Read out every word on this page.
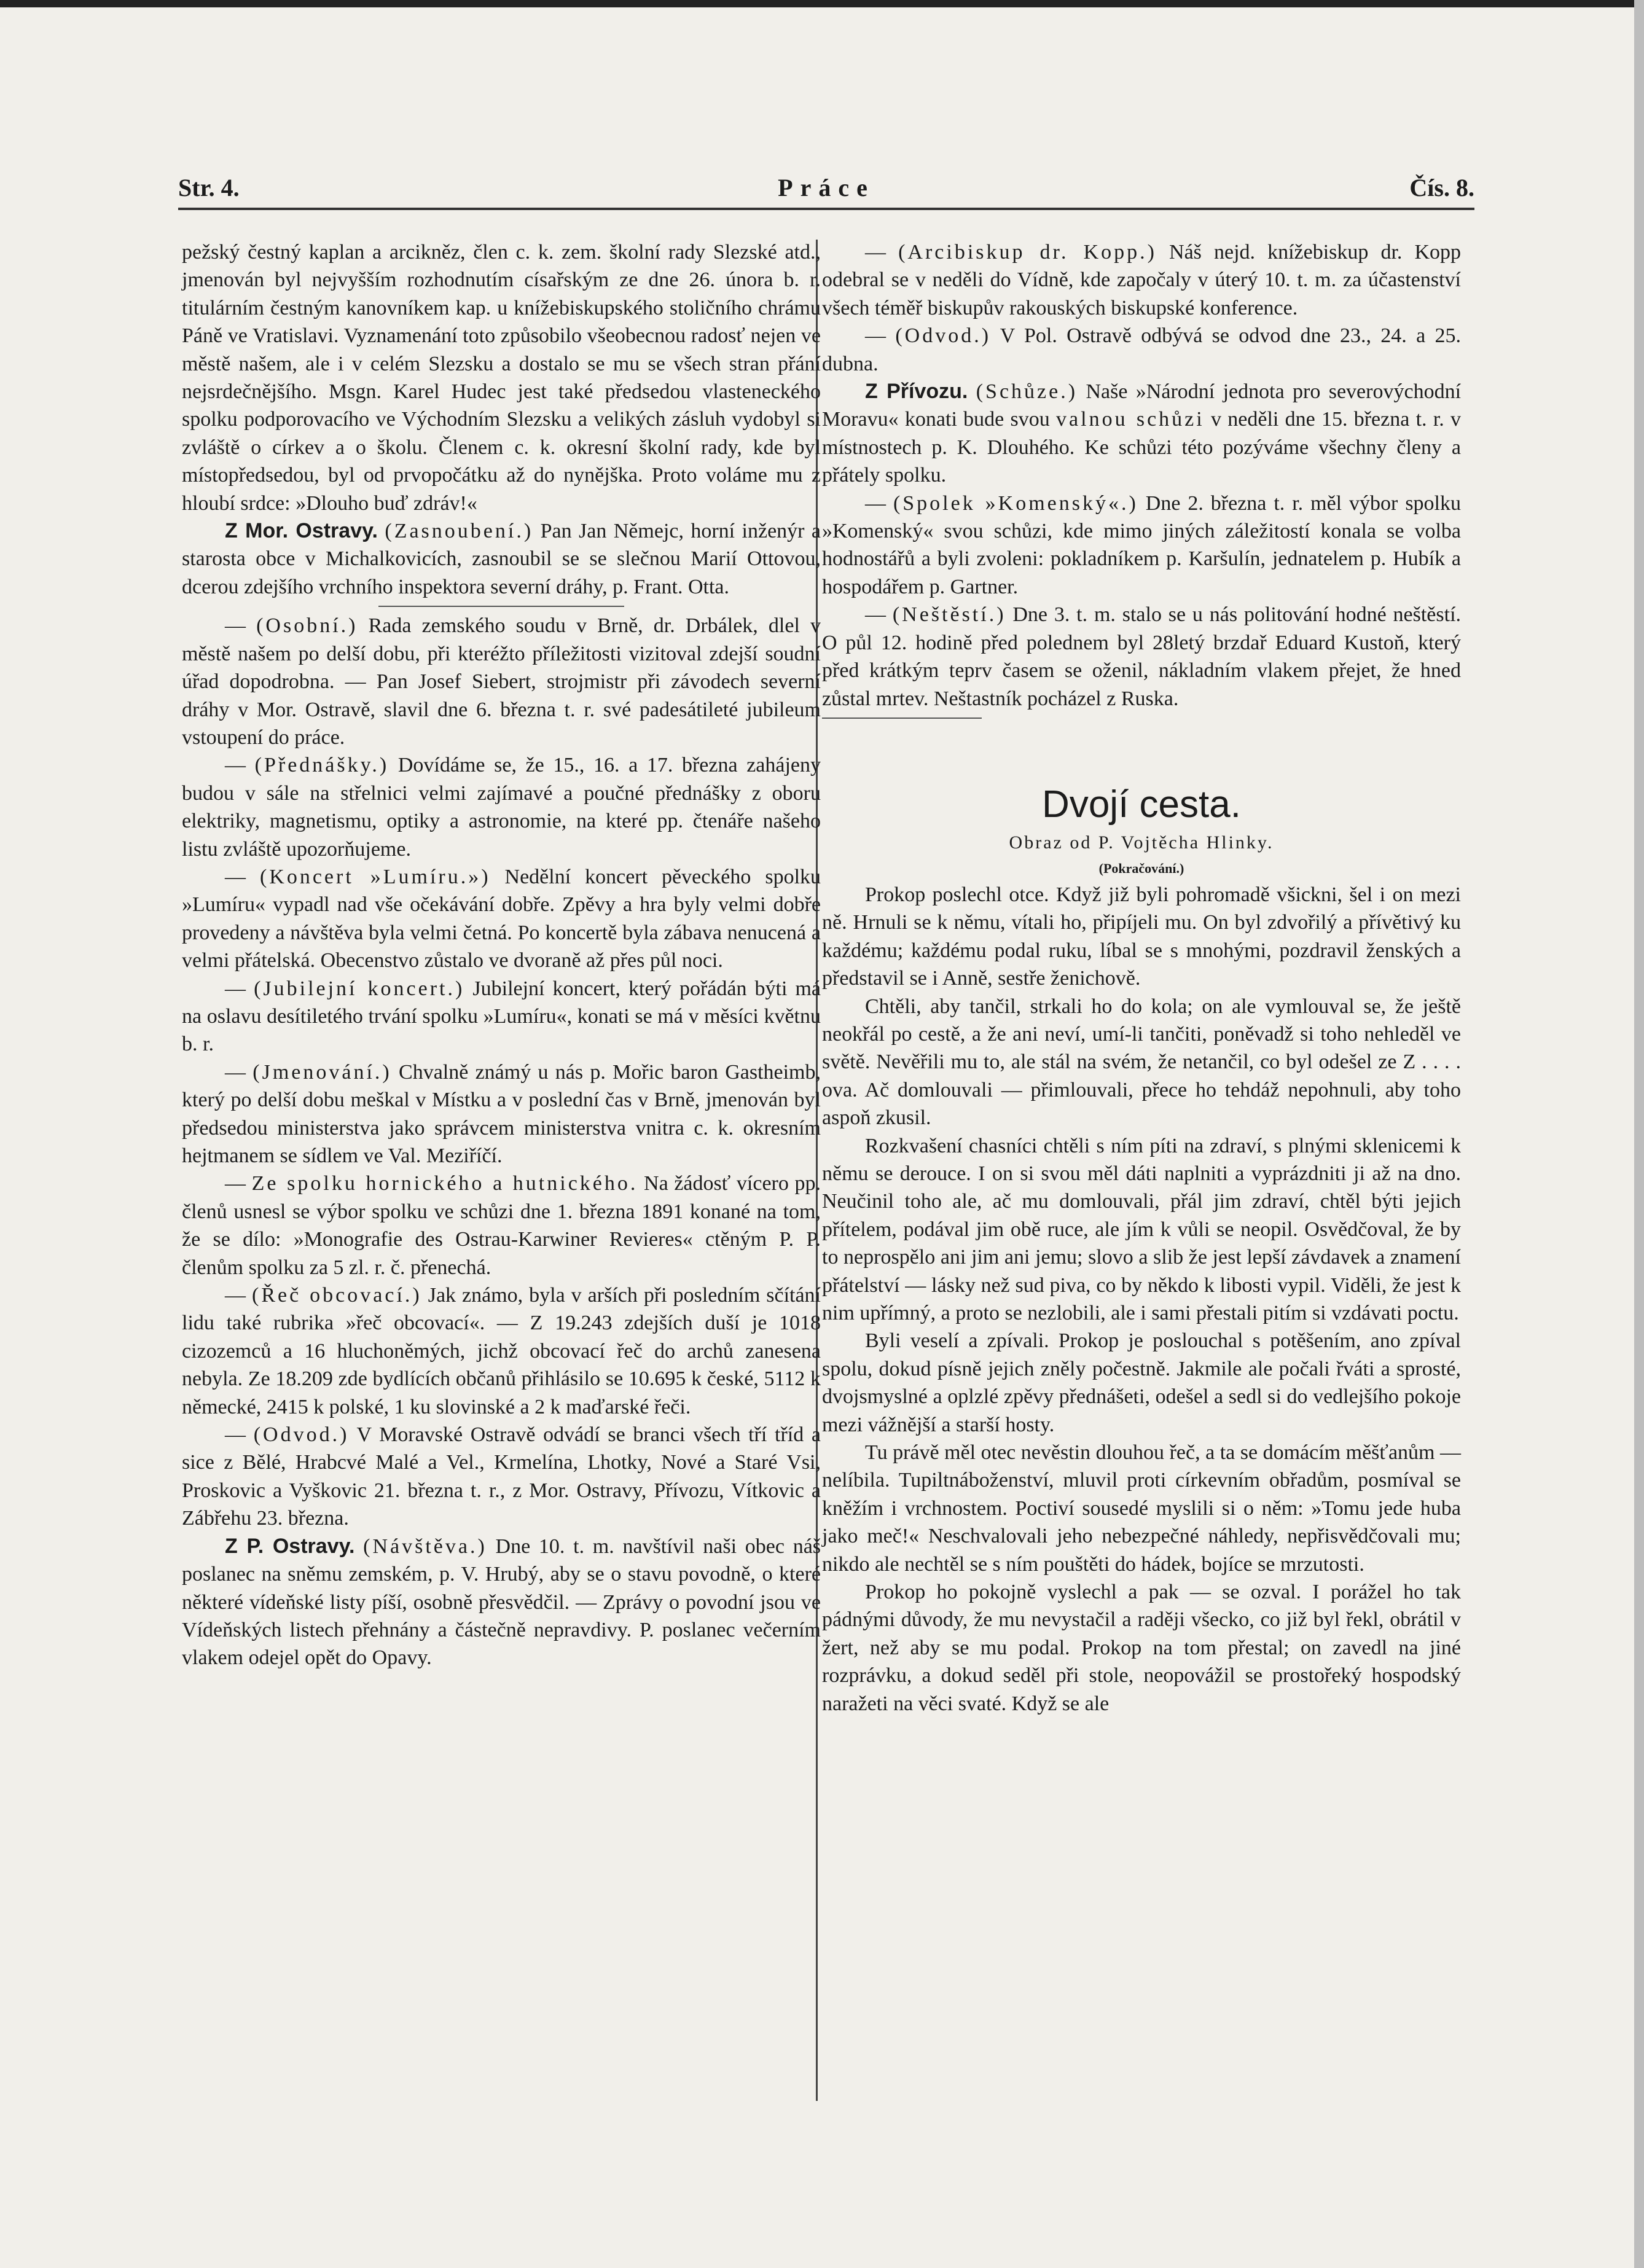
Str. 4.	Práce	Čís. 8.

pežský čestný kaplan a arcikněz, člen c. k. zem. školní rady Slezské atd., jmenován byl nejvyšším rozhodnutím císařským ze dne 26. února b. r. titulárním čestným kanovníkem kap. u knížebiskupského stoličního chrámu Páně ve Vratislavi. Vyznamenání toto způsobilo všeobecnou radosť nejen ve městě našem, ale i v celém Slezsku a dostalo se mu se všech stran přání nejsrdečnějšího. Msgn. Karel Hudec jest také předsedou vlasteneckého spolku podporovacího ve Východním Slezsku a velikých zásluh vydobyl si zvláště o církev a o školu. Členem c. k. okresní školní rady, kde byl místopředsedou, byl od prvopočátku až do nynějška. Proto voláme mu z hloubí srdce: »Dlouho buď zdráv!«

Z Mor. Ostravy. (Zasnoubení.) Pan Jan Němejc, horní inženýr a starosta obce v Michalkovicích, zasnoubil se se slečnou Marií Ottovou, dcerou zdejšího vrchního inspektora severní dráhy, p. Frant. Otta.

— (Osobní.) Rada zemského soudu v Brně, dr. Drbálek, dlel v městě našem po delší dobu, při kteréžto příležitosti vizitoval zdejší soudní úřad dopodrobna. — Pan Josef Siebert, strojmistr při závodech severní dráhy v Mor. Ostravě, slavil dne 6. března t. r. své padesátileté jubileum vstoupení do práce.

— (Přednášky.) Dovídáme se, že 15., 16. a 17. března zahájeny budou v sále na střelnici velmi zajímavé a poučné přednášky z oboru elektriky, magnetismu, optiky a astronomie, na které pp. čtenáře našeho listu zvláště upozorňujeme.

— (Koncert »Lumíru.») Nedělní koncert pěveckého spolku »Lumíru« vypadl nad vše očekávání dobře. Zpěvy a hra byly velmi dobře provedeny a návštěva byla velmi četná. Po koncertě byla zábava nenucená a velmi přátelská. Obecenstvo zůstalo ve dvoraně až přes půl noci.

— (Jubilejní koncert.) Jubilejní koncert, který pořádán býti má na oslavu desítiletého trvání spolku »Lumíru«, konati se má v měsíci květnu b. r.

— (Jmenování.) Chvalně známý u nás p. Mořic baron Gastheimb, který po delší dobu meškal v Místku a v poslední čas v Brně, jmenován byl předsedou ministerstva jako správcem ministerstva vnitra c. k. okresním hejtmanem se sídlem ve Val. Meziříčí.

— Ze spolku hornického a hutnického. Na žádosť vícero pp. členů usnesl se výbor spolku ve schůzi dne 1. března 1891 konané na tom, že se dílo: »Monografie des Ostrau-Karwiner Revieres« ctěným P. P. členům spolku za 5 zl. r. č. přenechá.

— (Řeč obcovací.) Jak známo, byla v arších při posledním sčítání lidu také rubrika »řeč obcovací«. — Z 19.243 zdejších duší je 1018 cizozemců a 16 hluchoněmých, jichž obcovací řeč do archů zanesena nebyla. Ze 18.209 zde bydlících občanů přihlásilo se 10.695 k české, 5112 k německé, 2415 k polské, 1 ku slovinské a 2 k maďarské řeči.

— (Odvod.) V Moravské Ostravě odvádí se branci všech tří tříd a sice z Bělé, Hrabcvé Malé a Vel., Krmelína, Lhotky, Nové a Staré Vsi, Proskovic a Vyškovic 21. března t. r., z Mor. Ostravy, Přívozu, Vítkovic a Zábřehu 23. března.

Z P. Ostravy. (Návštěva.) Dne 10. t. m. navštívil naši obec náš poslanec na sněmu zemském, p. V. Hrubý, aby se o stavu povodně, o které některé vídeňské listy píší, osobně přesvědčil. — Zprávy o povodní jsou ve Vídeňských listech přehnány a částečně nepravdivy. P. poslanec večerním vlakem odejel opět do Opavy.

— (Arcibiskup dr. Kopp.) Náš nejd. knížebiskup dr. Kopp odebral se v neděli do Vídně, kde započaly v úterý 10. t. m. za účastenství všech téměř biskupův rakouských biskupské konference.

— (Odvod.) V Pol. Ostravě odbývá se odvod dne 23., 24. a 25. dubna.

Z Přívozu. (Schůze.) Naše »Národní jednota pro severovýchodní Moravu« konati bude svou valnou schůzi v neděli dne 15. března t. r. v místnostech p. K. Dlouhého. Ke schůzi této pozýváme všechny členy a přátely spolku.

— (Spolek »Komenský«.) Dne 2. března t. r. měl výbor spolku »Komenský« svou schůzi, kde mimo jiných záležitostí konala se volba hodnostářů a byli zvoleni: pokladníkem p. Karšulín, jednatelem p. Hubík a hospodářem p. Gartner.

— (Neštěstí.) Dne 3. t. m. stalo se u nás politování hodné neštěstí. O půl 12. hodině před polednem byl 28letý brzdař Eduard Kustoň, který před krátkým teprv časem se oženil, nákladním vlakem přejet, že hned zůstal mrtev. Neštastník pocházel z Ruska.

Dvojí cesta.
Obraz od P. Vojtěcha Hlinky.
(Pokračování.)

Prokop poslechl otce. Když již byli pohromadě všickni, šel i on mezi ně. Hrnuli se k němu, vítali ho, připíjeli mu. On byl zdvořilý a přívětivý ku každému; každému podal ruku, líbal se s mnohými, pozdravil ženských a představil se i Anně, sestře ženichově.

Chtěli, aby tančil, strkali ho do kola; on ale vymlouval se, že ještě neokřál po cestě, a že ani neví, umí-li tančiti, poněvadž si toho nehleděl ve světě. Nevěřili mu to, ale stál na svém, že netančil, co byl odešel ze Z . . . . ova. Ač domlouvali — přimlouvali, přece ho tehdáž nepohnuli, aby toho aspoň zkusil.

Rozkvašení chasníci chtěli s ním píti na zdraví, s plnými sklenicemi k němu se derouce. I on si svou měl dáti naplniti a vyprázdniti ji až na dno. Neučinil toho ale, ač mu domlouvali, přál jim zdraví, chtěl býti jejich přítelem, podával jim obě ruce, ale jím k vůli se neopil. Osvědčoval, že by to neprospělo ani jim ani jemu; slovo a slib že jest lepší závdavek a znamení přátelství — lásky než sud piva, co by někdo k libosti vypil. Viděli, že jest k nim upřímný, a proto se nezlobili, ale i sami přestali pitím si vzdávati poctu.

Byli veselí a zpívali. Prokop je poslouchal s potěšením, ano zpíval spolu, dokud písně jejich zněly počestně. Jakmile ale počali řváti a sprosté, dvojsmyslné a oplzlé zpěvy přednášeti, odešel a sedl si do vedlejšího pokoje mezi vážnější a starší hosty.

Tu právě měl otec nevěstin dlouhou řeč, a ta se domácím měšťanům — nelíbila. Tupiltnáboženství, mluvil proti církevním obřadům, posmíval se kněžím i vrchnostem. Poctiví sousedé myslili si o něm: »Tomu jede huba jako meč!« Neschvalovali jeho nebezpečné náhledy, nepřisvědčovali mu; nikdo ale nechtěl se s ním pouštěti do hádek, bojíce se mrzutosti.

Prokop ho pokojně vyslechl a pak — se ozval. I porážel ho tak pádnými důvody, že mu nevystačil a raději všecko, co již byl řekl, obrátil v žert, než aby se mu podal. Prokop na tom přestal; on zavedl na jiné rozprávku, a dokud seděl při stole, neopovážil se prostořeký hospodský naražeti na věci svaté. Když se ale
